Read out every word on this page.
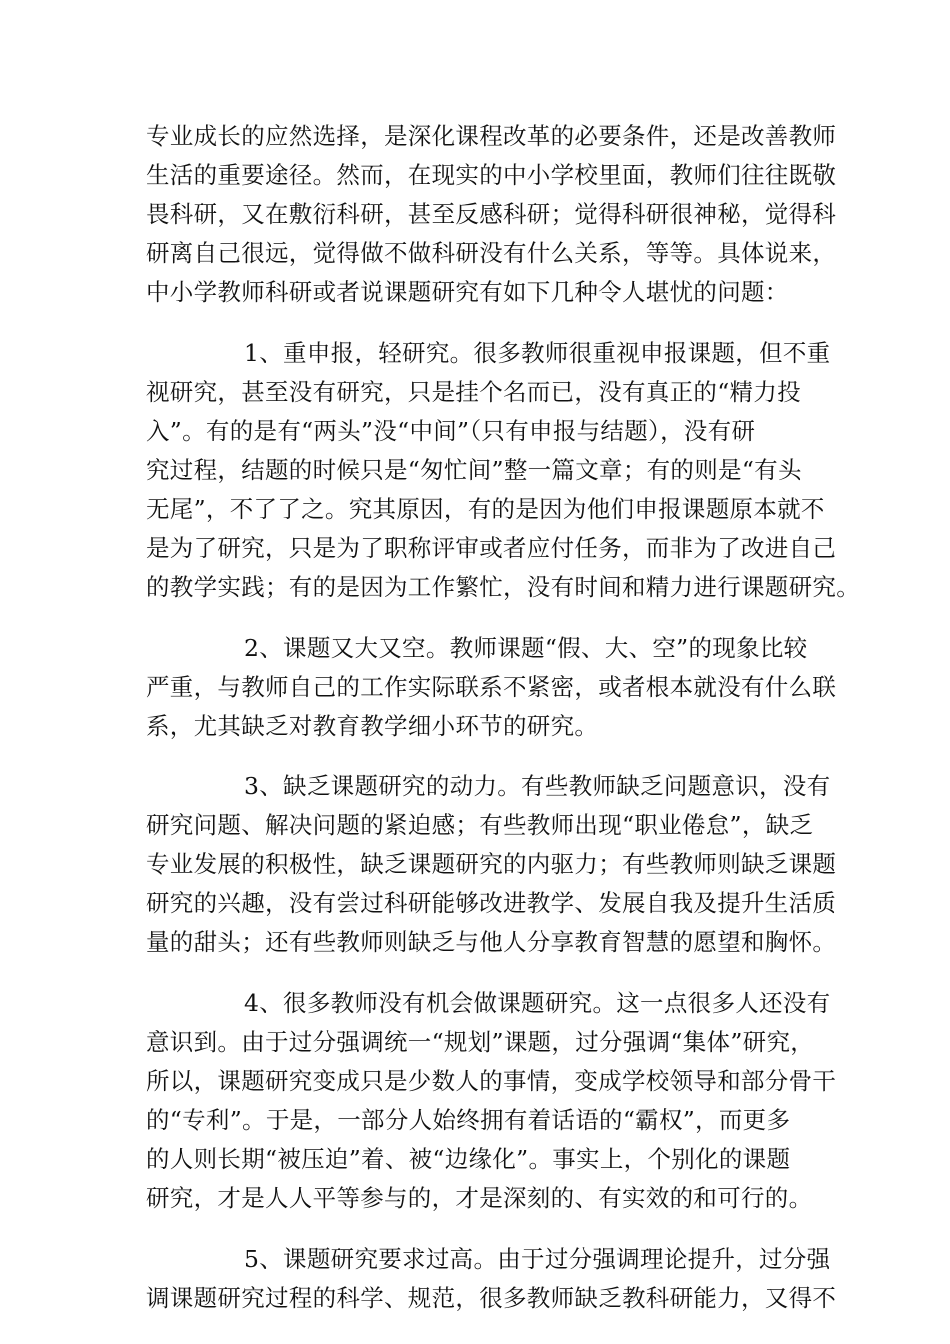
专业成长的应然选择，是深化课程改革的必要条件，还是改善教师
生活的重要途径。然而，在现实的中小学校里面，教师们往往既敬
畏科研，又在敷衍科研，甚至反感科研；觉得科研很神秘，觉得科
研离自己很远，觉得做不做科研没有什么关系，等等。具体说来，
中小学教师科研或者说课题研究有如下几种令人堪忧的问题：
1、重申报，轻研究。很多教师很重视申报课题，但不重
视研究，甚至没有研究，只是挂个名而已，没有真正的“精力投
入”。有的是有“两头”没“中间”（只有申报与结题），没有研
究过程，结题的时候只是“匆忙间”整一篇文章；有的则是“有头
无尾”，不了了之。究其原因，有的是因为他们申报课题原本就不
是为了研究，只是为了职称评审或者应付任务，而非为了改进自己
的教学实践；有的是因为工作繁忙，没有时间和精力进行课题研究。
2、课题又大又空。教师课题“假、大、空”的现象比较
严重，与教师自己的工作实际联系不紧密，或者根本就没有什么联
系，尤其缺乏对教育教学细小环节的研究。
3、缺乏课题研究的动力。有些教师缺乏问题意识，没有
研究问题、解决问题的紧迫感；有些教师出现“职业倦怠”，缺乏
专业发展的积极性，缺乏课题研究的内驱力；有些教师则缺乏课题
研究的兴趣，没有尝过科研能够改进教学、发展自我及提升生活质
量的甜头；还有些教师则缺乏与他人分享教育智慧的愿望和胸怀。
4、很多教师没有机会做课题研究。这一点很多人还没有
意识到。由于过分强调统一“规划”课题，过分强调“集体”研究，
所以，课题研究变成只是少数人的事情，变成学校领导和部分骨干
的“专利”。于是，一部分人始终拥有着话语的“霸权”，而更多
的人则长期“被压迫”着、被“边缘化”。事实上，个别化的课题
研究，才是人人平等参与的，才是深刻的、有实效的和可行的。
5、课题研究要求过高。由于过分强调理论提升，过分强
调课题研究过程的科学、规范，很多教师缺乏教科研能力，又得不
